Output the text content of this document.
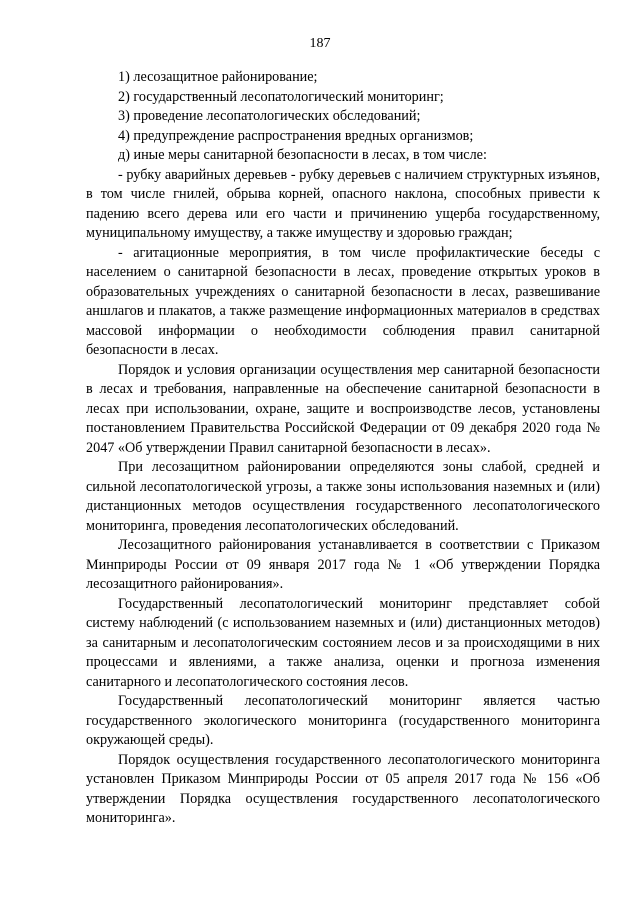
187

1) лесозащитное районирование;

2) государственный лесопатологический мониторинг;

3) проведение лесопатологических обследований;

4) предупреждение распространения вредных организмов;

д) иные меры санитарной безопасности в лесах, в том числе:

- рубку аварийных деревьев - рубку деревьев с наличием структурных изъянов, в том числе гнилей, обрыва корней, опасного наклона, способных привести к падению всего дерева или его части и причинению ущерба государственному, муниципальному имуществу, а также имуществу и здоровью граждан;

- агитационные мероприятия, в том числе профилактические беседы с населением о санитарной безопасности в лесах, проведение открытых уроков в образовательных учреждениях о санитарной безопасности в лесах, развешивание аншлагов и плакатов, а также размещение информационных материалов в средствах массовой информации о необходимости соблюдения правил санитарной безопасности в лесах.

Порядок и условия организации осуществления мер санитарной безопасности в лесах и требования, направленные на обеспечение санитарной безопасности в лесах при использовании, охране, защите и воспроизводстве лесов, установлены постановлением Правительства Российской Федерации от 09 декабря 2020 года № 2047 «Об утверждении Правил санитарной безопасности в лесах».

При лесозащитном районировании определяются зоны слабой, средней и сильной лесопатологической угрозы, а также зоны использования наземных и (или) дистанционных методов осуществления государственного лесопатологического мониторинга, проведения лесопатологических обследований.

Лесозащитного районирования устанавливается в соответствии с Приказом Минприроды России от 09 января 2017 года № 1 «Об утверждении Порядка лесозащитного районирования».

Государственный лесопатологический мониторинг представляет собой систему наблюдений (с использованием наземных и (или) дистанционных методов) за санитарным и лесопатологическим состоянием лесов и за происходящими в них процессами и явлениями, а также анализа, оценки и прогноза изменения санитарного и лесопатологического состояния лесов.

Государственный лесопатологический мониторинг является частью государственного экологического мониторинга (государственного мониторинга окружающей среды).

Порядок осуществления государственного лесопатологического мониторинга установлен Приказом Минприроды России от 05 апреля 2017 года № 156 «Об утверждении Порядка осуществления государственного лесопатологического мониторинга».
